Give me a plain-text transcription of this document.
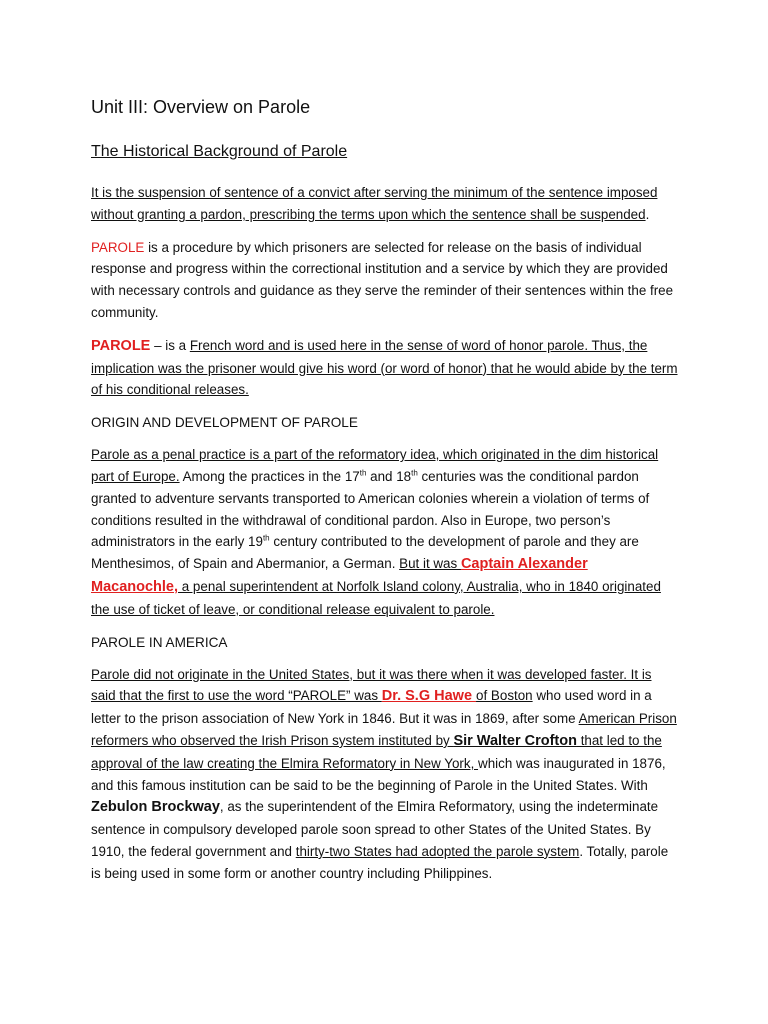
Unit III: Overview on Parole
The Historical Background of Parole

It is the suspension of sentence of a convict after serving the minimum of the sentence imposed without granting a pardon, prescribing the terms upon which the sentence shall be suspended.

PAROLE is a procedure by which prisoners are selected for release on the basis of individual response and progress within the correctional institution and a service by which they are provided with necessary controls and guidance as they serve the reminder of their sentences within the free community.

PAROLE – is a French word and is used here in the sense of word of honor parole. Thus, the implication was the prisoner would give his word (or word of honor) that he would abide by the term of his conditional releases.

ORIGIN AND DEVELOPMENT OF PAROLE

Parole as a penal practice is a part of the reformatory idea, which originated in the dim historical part of Europe. Among the practices in the 17th and 18th centuries was the conditional pardon granted to adventure servants transported to American colonies wherein a violation of terms of conditions resulted in the withdrawal of conditional pardon. Also in Europe, two person’s administrators in the early 19th century contributed to the development of parole and they are Menthesimos, of Spain and Abermanior, a German. But it was Captain Alexander Macanochle, a penal superintendent at Norfolk Island colony, Australia, who in 1840 originated the use of ticket of leave, or conditional release equivalent to parole.

PAROLE IN AMERICA

Parole did not originate in the United States, but it was there when it was developed faster. It is said that the first to use the word “PAROLE” was Dr. S.G Hawe of Boston who used word in a letter to the prison association of New York in 1846. But it was in 1869, after some American Prison reformers who observed the Irish Prison system instituted by Sir Walter Crofton that led to the approval of the law creating the Elmira Reformatory in New York, which was inaugurated in 1876, and this famous institution can be said to be the beginning of Parole in the United States. With Zebulon Brockway, as the superintendent of the Elmira Reformatory, using the indeterminate sentence in compulsory developed parole soon spread to other States of the United States. By 1910, the federal government and thirty-two States had adopted the parole system. Totally, parole is being used in some form or another country including Philippines.
